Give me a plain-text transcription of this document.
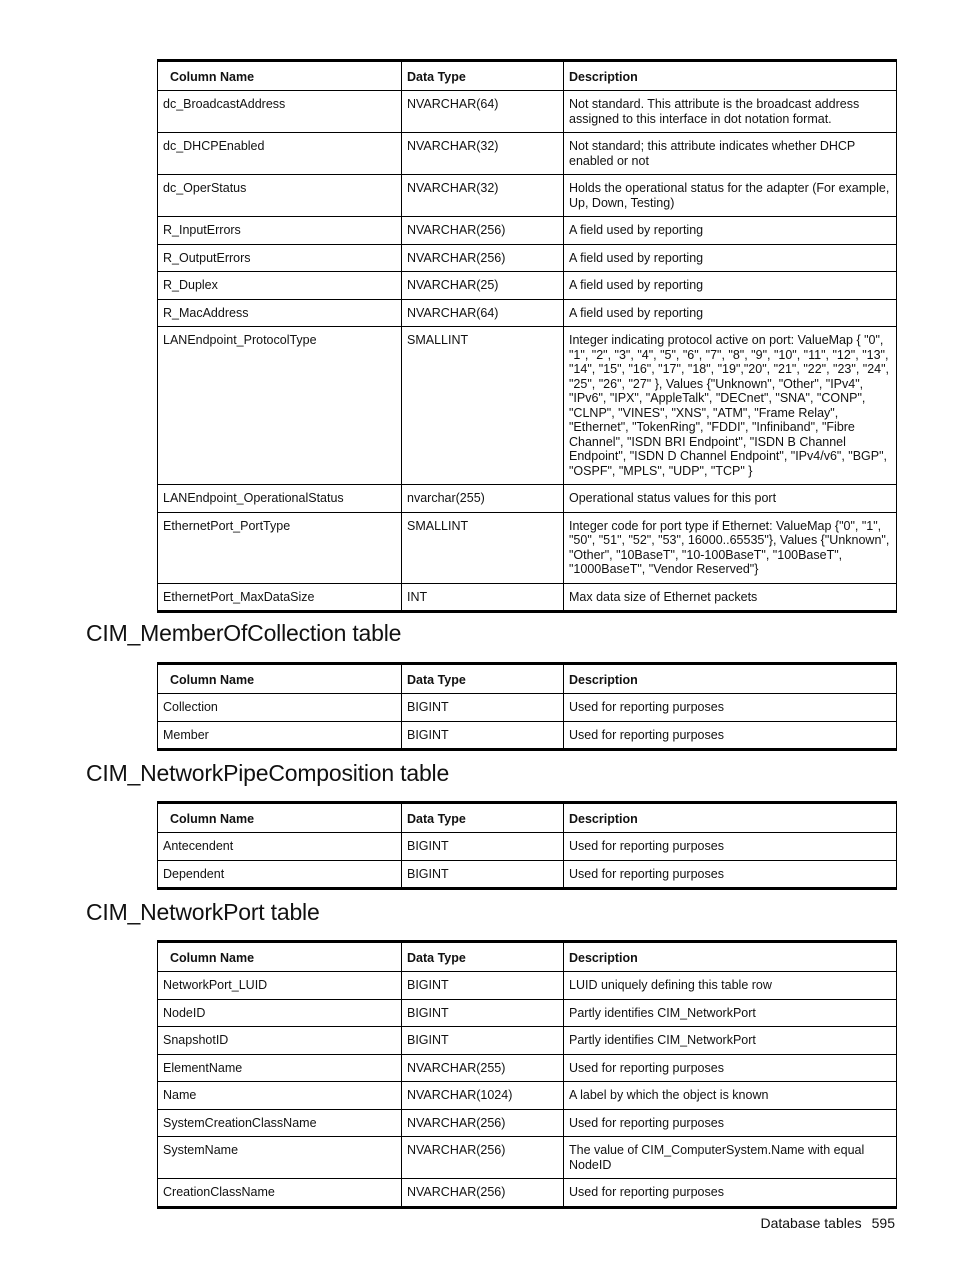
Column Name	Data Type	Description
dc_BroadcastAddress	NVARCHAR(64)	Not standard. This attribute is the broadcast address assigned to this interface in dot notation format.
dc_DHCPEnabled	NVARCHAR(32)	Not standard; this attribute indicates whether DHCP enabled or not
dc_OperStatus	NVARCHAR(32)	Holds the operational status for the adapter (For example, Up, Down, Testing)
R_InputErrors	NVARCHAR(256)	A field used by reporting
R_OutputErrors	NVARCHAR(256)	A field used by reporting
R_Duplex	NVARCHAR(25)	A field used by reporting
R_MacAddress	NVARCHAR(64)	A field used by reporting
LANEndpoint_ProtocolType	SMALLINT	Integer indicating protocol active on port: ValueMap { "0", "1", "2", "3", "4", "5", "6", "7", "8", "9", "10", "11", "12", "13", "14", "15", "16", "17", "18", "19","20", "21", "22", "23", "24", "25", "26", "27" }, Values {"Unknown", "Other", "IPv4", "IPv6", "IPX", "AppleTalk", "DECnet", "SNA", "CONP", "CLNP", "VINES", "XNS", "ATM", "Frame Relay", "Ethernet", "TokenRing", "FDDI", "Infiniband", "Fibre Channel", "ISDN BRI Endpoint", "ISDN B Channel Endpoint", "ISDN D Channel Endpoint", "IPv4/v6", "BGP", "OSPF", "MPLS", "UDP", "TCP" }
LANEndpoint_OperationalStatus	nvarchar(255)	Operational status values for this port
EthernetPort_PortType	SMALLINT	Integer code for port type if Ethernet: ValueMap {"0", "1", "50", "51", "52", "53", 16000..65535"}, Values {"Unknown", "Other", "10BaseT", "10-100BaseT", "100BaseT", "1000BaseT", "Vendor Reserved"}
EthernetPort_MaxDataSize	INT	Max data size of Ethernet packets
CIM_MemberOfCollection table
Column Name	Data Type	Description
Collection	BIGINT	Used for reporting purposes
Member	BIGINT	Used for reporting purposes
CIM_NetworkPipeComposition table
Column Name	Data Type	Description
Antecendent	BIGINT	Used for reporting purposes
Dependent	BIGINT	Used for reporting purposes
CIM_NetworkPort table
Column Name	Data Type	Description
NetworkPort_LUID	BIGINT	LUID uniquely defining this table row
NodeID	BIGINT	Partly identifies CIM_NetworkPort
SnapshotID	BIGINT	Partly identifies CIM_NetworkPort
ElementName	NVARCHAR(255)	Used for reporting purposes
Name	NVARCHAR(1024)	A label by which the object is known
SystemCreationClassName	NVARCHAR(256)	Used for reporting purposes
SystemName	NVARCHAR(256)	The value of CIM_ComputerSystem.Name with equal NodeID
CreationClassName	NVARCHAR(256)	Used for reporting purposes
Database tables 595
